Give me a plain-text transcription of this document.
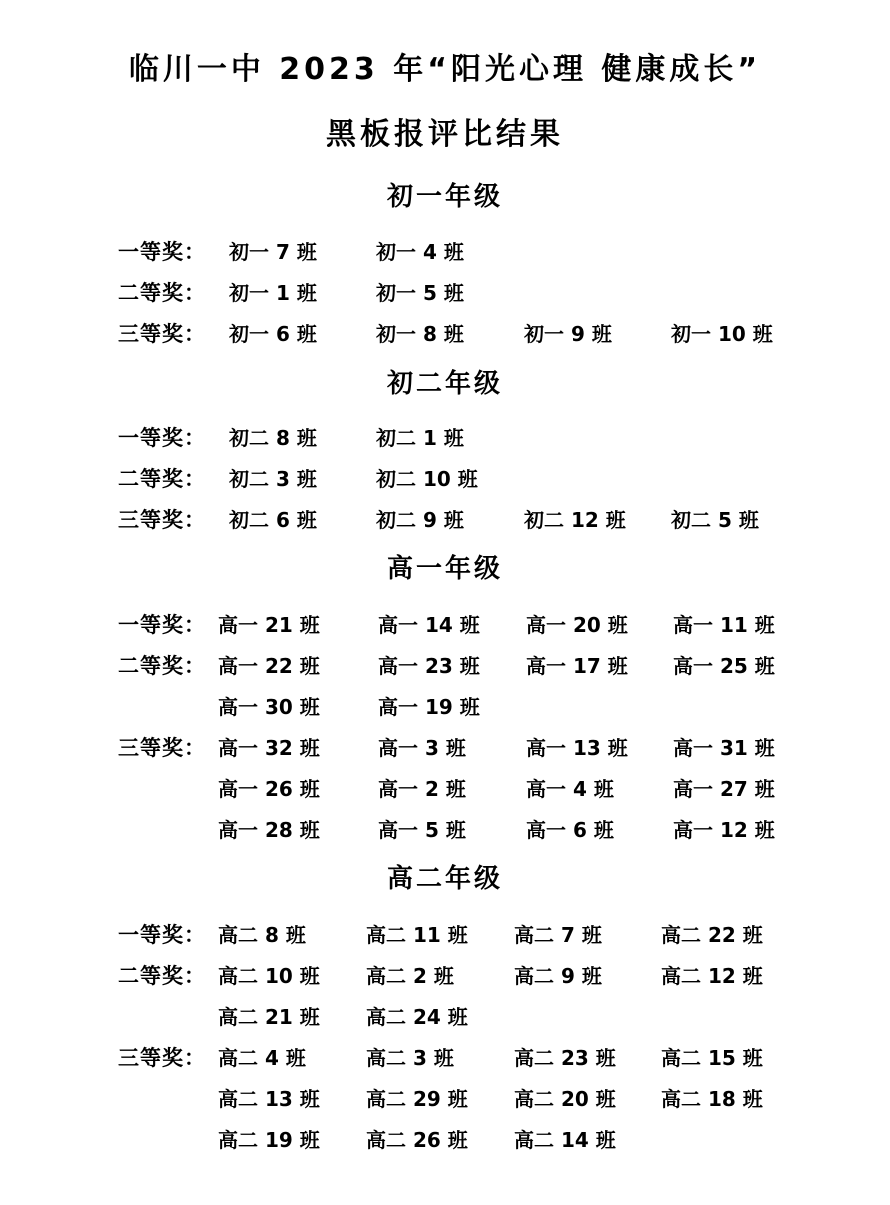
临川一中 2023 年“阳光心理 健康成长”
黑板报评比结果
初一年级
一等奖： 初一 7 班	初一 4 班
二等奖： 初一 1 班	初一 5 班
三等奖： 初一 6 班	初一 8 班	初一 9 班	初一 10 班
初二年级
一等奖： 初二 8 班	初二 1 班
二等奖： 初二 3 班	初二 10 班
三等奖： 初二 6 班	初二 9 班	初二 12 班 初二 5 班
高一年级
一等奖： 高一 21 班	高一 14 班 高一 20 班 高一 11 班
二等奖： 高一 22 班	高一 23 班 高一 17 班 高一 25 班
高一 30 班	高一 19 班
三等奖： 高一 32 班	高一 3 班	高一 13 班 高一 31 班
高一 26 班	高一 2 班	高一 4 班	高一 27 班
高一 28 班	高一 5 班	高一 6 班	高一 12 班
高二年级
一等奖： 高二 8 班	高二 11 班 高二 7 班	高二 22 班
二等奖： 高二 10 班 高二 2 班	高二 9 班	高二 12 班
高二 21 班 高二 24 班
三等奖： 高二 4 班	高二 3 班	高二 23 班 高二 15 班
高二 13 班 高二 29 班 高二 20 班 高二 18 班
高二 19 班 高二 26 班 高二 14 班
